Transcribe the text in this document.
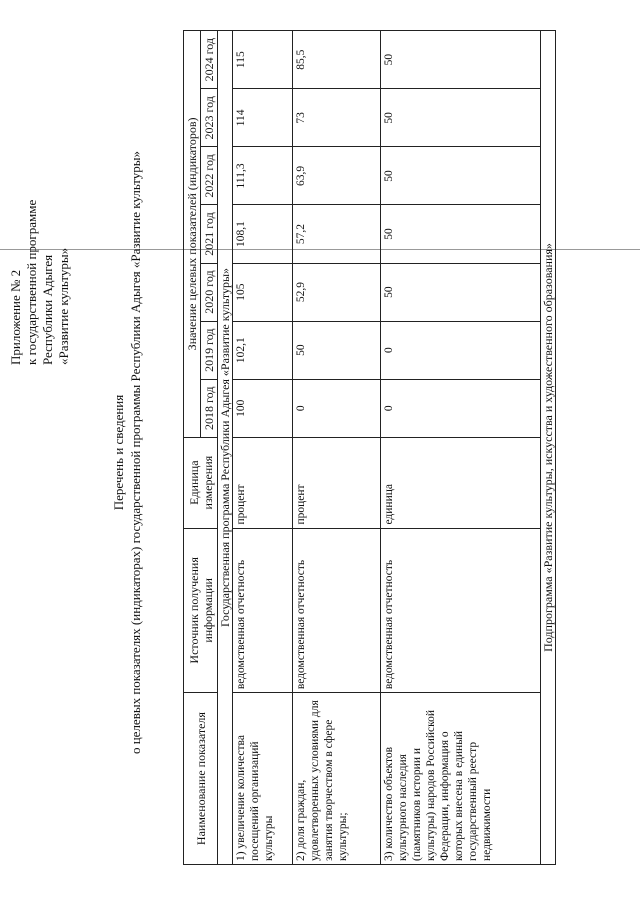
Приложение № 2 к государственной программе Республики Адыгея «Развитие культуры»
Перечень и сведения о целевых показателях (индикаторах) государственной программы Республики Адыгея «Развитие культуры»
Наименование показателя	Источник получения информации	Единица измерения	Значение целевых показателей (индикаторов)						
			2018 год	2019 год	2020 год	2021 год	2022 год	2023 год	2024 год
Государственная программа Республики Адыгея «Развитие культуры»									
1) увеличение количества посещений организаций культуры	ведомственная отчетность	процент	100	102,1	105	108,1	111,3	114	115
2) доля граждан, удовлетворенных условиями для занятия творчеством в сфере культуры;	ведомственная отчетность	процент	0	50	52,9	57,2	63,9	73	85,5
3) количество объектов культурного наследия (памятников истории и культуры) народов Российской Федерации, информация о которых внесена в единый государственный реестр недвижимости	ведомственная отчетность	единица	0	0	50	50	50	50	50
Подпрограмма «Развитие культуры, искусства и художественного образования»									
